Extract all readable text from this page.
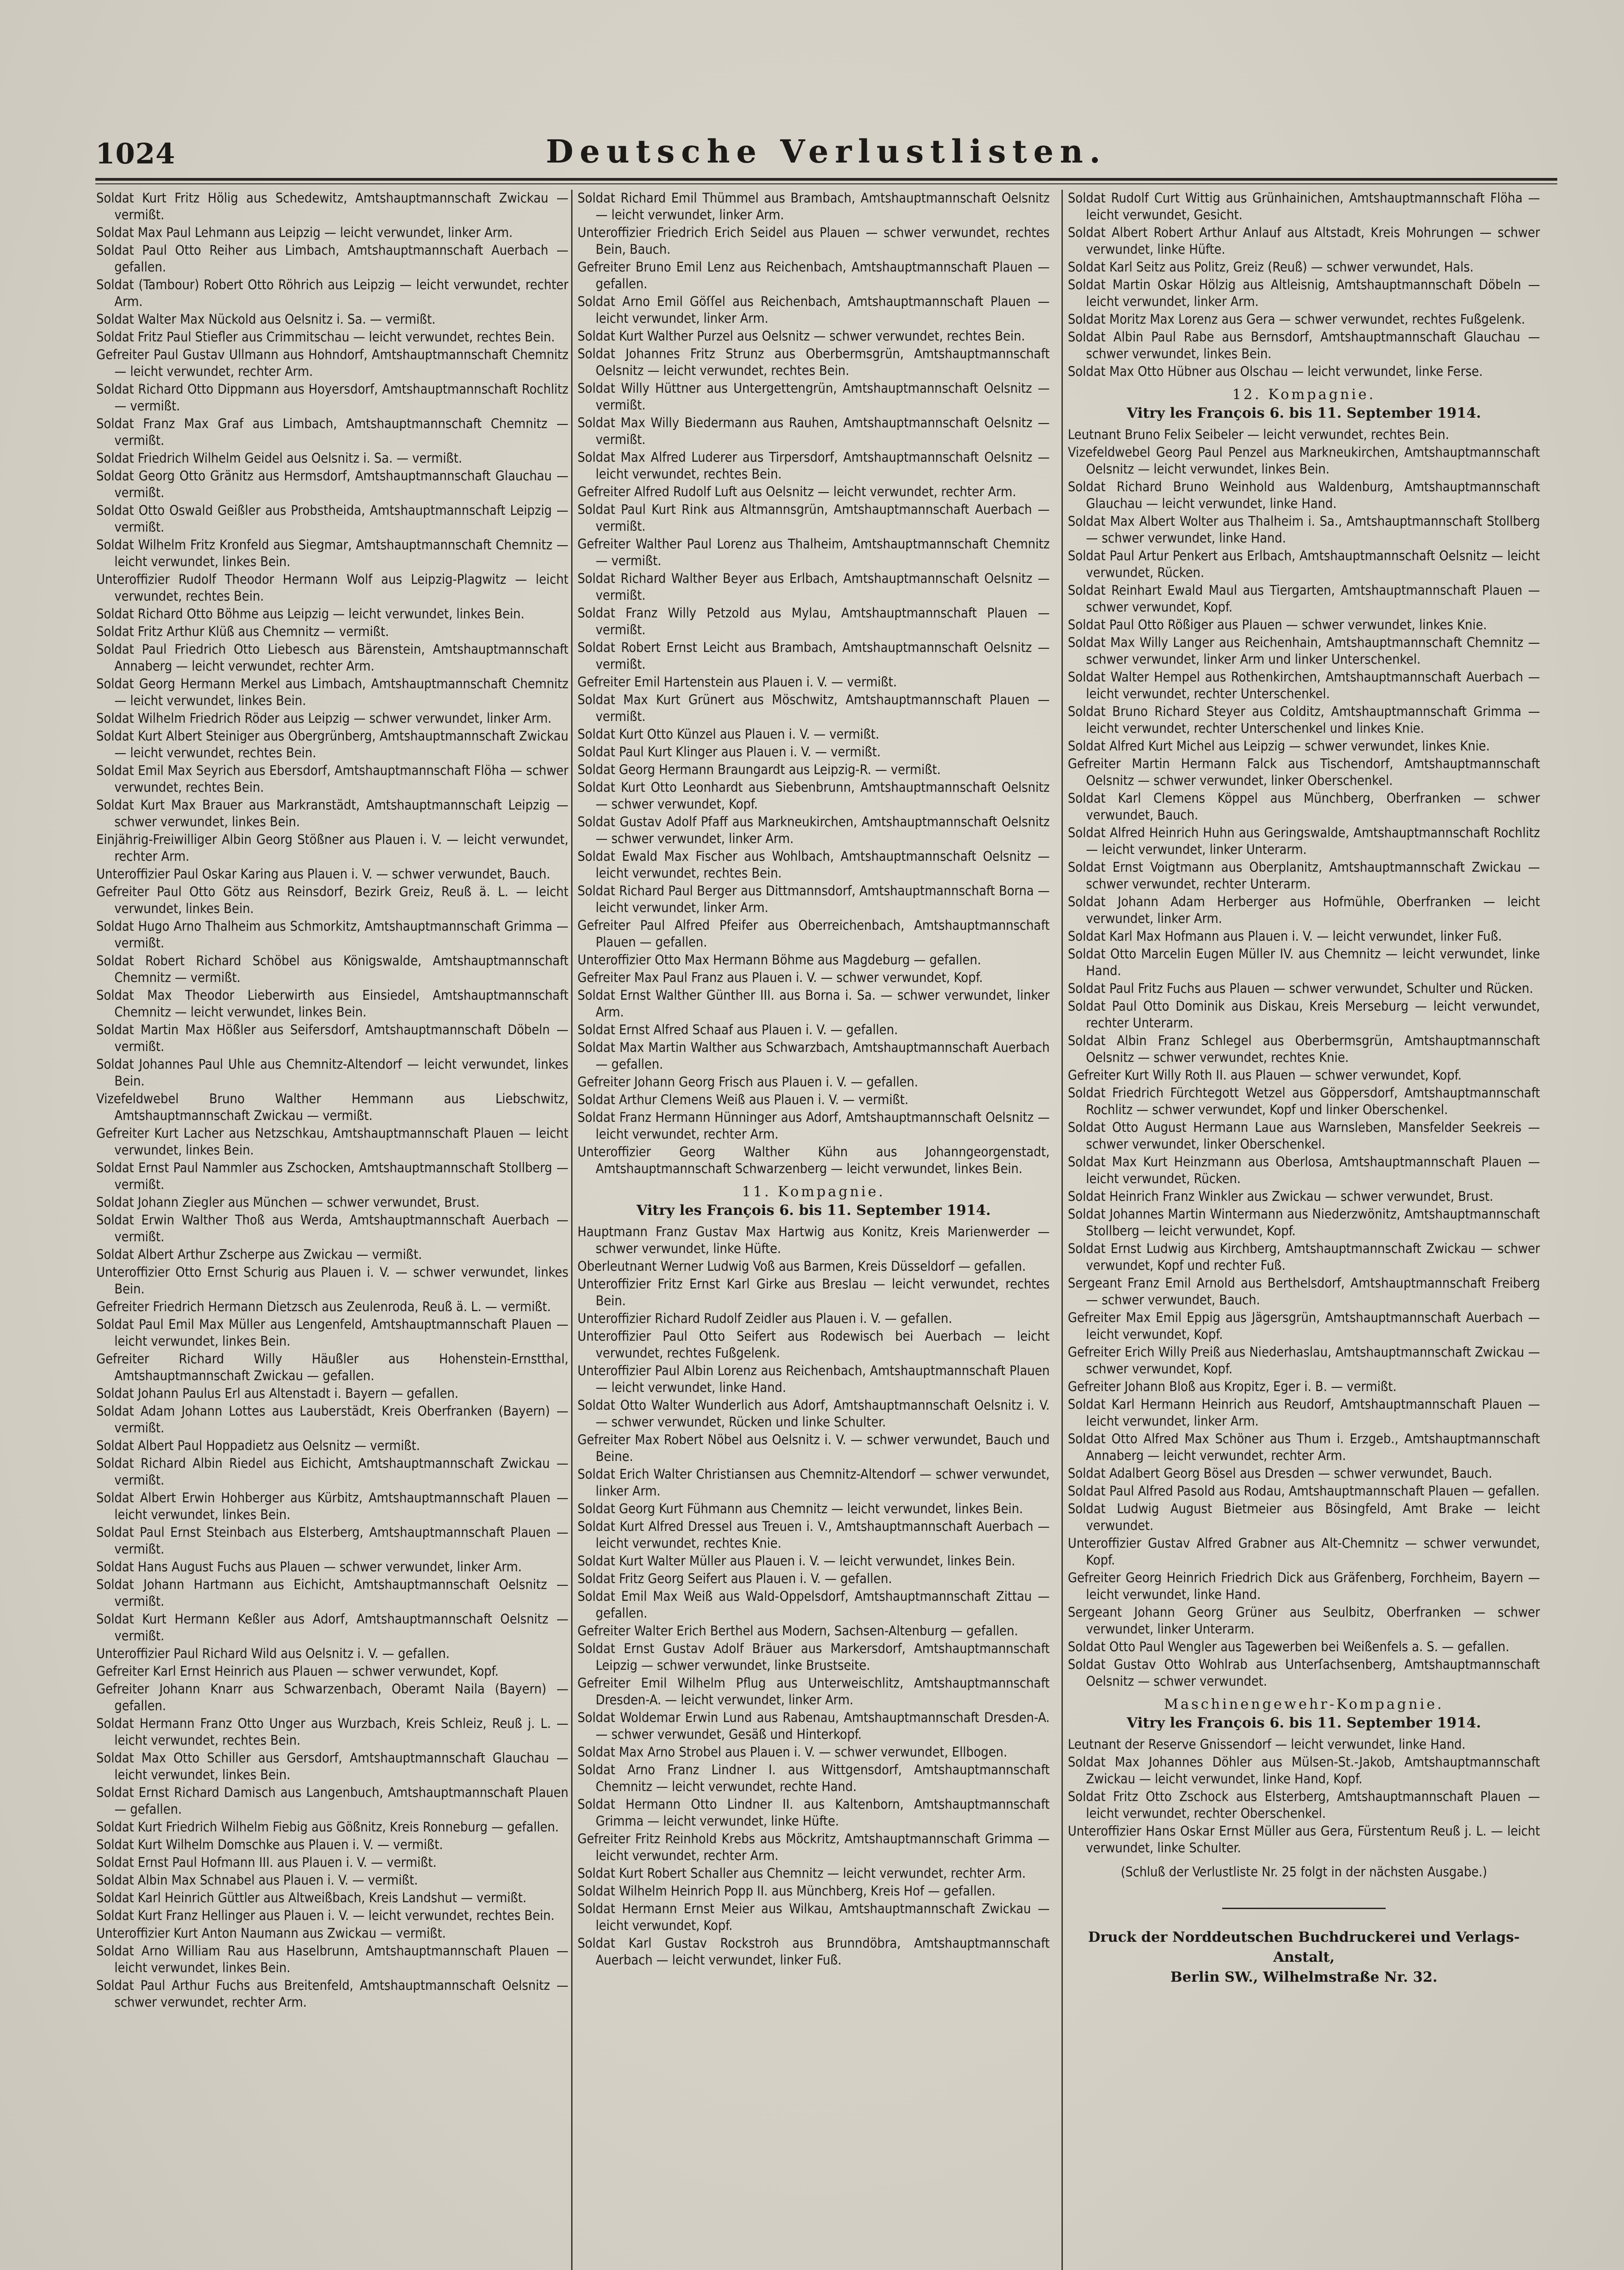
1024	Deutsche Verlustlisten.
Soldat Kurt Fritz Hölig aus Schedewitz, Amtshauptmannschaft Zwickau — vermißt.
Soldat Max Paul Lehmann aus Leipzig — leicht verwundet, linker Arm.
Soldat Paul Otto Reiher aus Limbach, Amtshauptmannschaft Auerbach — gefallen.
Soldat (Tambour) Robert Otto Röhrich aus Leipzig — leicht verwundet, rechter Arm.
Soldat Walter Max Nückold aus Oelsnitz i. Sa. — vermißt.
Soldat Fritz Paul Stiefler aus Crimmitschau — leicht verwundet, rechtes Bein.
Gefreiter Paul Gustav Ullmann aus Hohndorf, Amtshauptmannschaft Chemnitz — leicht verwundet, rechter Arm.
Soldat Richard Otto Dippmann aus Hoyersdorf, Amtshauptmannschaft Rochlitz — vermißt.
Soldat Franz Max Graf aus Limbach, Amtshauptmannschaft Chemnitz — vermißt.
Soldat Friedrich Wilhelm Geidel aus Oelsnitz i. Sa. — vermißt.
Soldat Georg Otto Gränitz aus Hermsdorf, Amtshauptmannschaft Glauchau — vermißt.
Soldat Otto Oswald Geißler aus Probstheida, Amtshauptmannschaft Leipzig — vermißt.
Soldat Wilhelm Fritz Kronfeld aus Siegmar, Amtshauptmannschaft Chemnitz — leicht verwundet, linkes Bein.
Unteroffizier Rudolf Theodor Hermann Wolf aus Leipzig-Plagwitz — leicht verwundet, rechtes Bein.
Soldat Richard Otto Böhme aus Leipzig — leicht verwundet, linkes Bein.
Soldat Fritz Arthur Klüß aus Chemnitz — vermißt.
Soldat Paul Friedrich Otto Liebesch aus Bärenstein, Amtshauptmannschaft Annaberg — leicht verwundet, rechter Arm.
Soldat Georg Hermann Merkel aus Limbach, Amtshauptmannschaft Chemnitz — leicht verwundet, linkes Bein.
Soldat Wilhelm Friedrich Röder aus Leipzig — schwer verwundet, linker Arm.
Soldat Kurt Albert Steiniger aus Obergrünberg, Amtshauptmannschaft Zwickau — leicht verwundet, rechtes Bein.
Soldat Emil Max Seyrich aus Ebersdorf, Amtshauptmannschaft Flöha — schwer verwundet, rechtes Bein.
Soldat Kurt Max Brauer aus Markranstädt, Amtshauptmannschaft Leipzig — schwer verwundet, linkes Bein.
Einjährig-Freiwilliger Albin Georg Stößner aus Plauen i. V. — leicht verwundet, rechter Arm.
Unteroffizier Paul Oskar Karing aus Plauen i. V. — schwer verwundet, Bauch.
Gefreiter Paul Otto Götz aus Reinsdorf, Bezirk Greiz, Reuß ä. L. — leicht verwundet, linkes Bein.
Soldat Hugo Arno Thalheim aus Schmorkitz, Amtshauptmannschaft Grimma — vermißt.
Soldat Robert Richard Schöbel aus Königswalde, Amtshauptmannschaft Chemnitz — vermißt.
Soldat Max Theodor Lieberwirth aus Einsiedel, Amtshauptmannschaft Chemnitz — leicht verwundet, linkes Bein.
Soldat Martin Max Hößler aus Seifersdorf, Amtshauptmannschaft Döbeln — vermißt.
Soldat Johannes Paul Uhle aus Chemnitz-Altendorf — leicht verwundet, linkes Bein.
Vizefeldwebel Bruno Walther Hemmann aus Liebschwitz, Amtshauptmannschaft Zwickau — vermißt.
Gefreiter Kurt Lacher aus Netzschkau, Amtshauptmannschaft Plauen — leicht verwundet, linkes Bein.
Soldat Ernst Paul Nammler aus Zschocken, Amtshauptmannschaft Stollberg — vermißt.
Soldat Johann Ziegler aus München — schwer verwundet, Brust.
Soldat Erwin Walther Thoß aus Werda, Amtshauptmannschaft Auerbach — vermißt.
Soldat Albert Arthur Zscherpe aus Zwickau — vermißt.
Unteroffizier Otto Ernst Schurig aus Plauen i. V. — schwer verwundet, linkes Bein.
Gefreiter Friedrich Hermann Dietzsch aus Zeulenroda, Reuß ä. L. — vermißt.
Soldat Paul Emil Max Müller aus Lengenfeld, Amtshauptmannschaft Plauen — leicht verwundet, linkes Bein.
Gefreiter Richard Willy Häußler aus Hohenstein-Ernstthal, Amtshauptmannschaft Zwickau — gefallen.
Soldat Johann Paulus Erl aus Altenstadt i. Bayern — gefallen.
Soldat Adam Johann Lottes aus Lauberstädt, Kreis Oberfranken (Bayern) — vermißt.
Soldat Albert Paul Hoppadietz aus Oelsnitz — vermißt.
Soldat Richard Albin Riedel aus Eichicht, Amtshauptmannschaft Zwickau — vermißt.
Soldat Albert Erwin Hohberger aus Kürbitz, Amtshauptmannschaft Plauen — leicht verwundet, linkes Bein.
Soldat Paul Ernst Steinbach aus Elsterberg, Amtshauptmannschaft Plauen — vermißt.
Soldat Hans August Fuchs aus Plauen — schwer verwundet, linker Arm.
Soldat Johann Hartmann aus Eichicht, Amtshauptmannschaft Oelsnitz — vermißt.
Soldat Kurt Hermann Keßler aus Adorf, Amtshauptmannschaft Oelsnitz — vermißt.
Unteroffizier Paul Richard Wild aus Oelsnitz i. V. — gefallen.
Gefreiter Karl Ernst Heinrich aus Plauen — schwer verwundet, Kopf.
Gefreiter Johann Knarr aus Schwarzenbach, Oberamt Naila (Bayern) — gefallen.
Soldat Hermann Franz Otto Unger aus Wurzbach, Kreis Schleiz, Reuß j. L. — leicht verwundet, rechtes Bein.
Soldat Max Otto Schiller aus Gersdorf, Amtshauptmannschaft Glauchau — leicht verwundet, linkes Bein.
Soldat Ernst Richard Damisch aus Langenbuch, Amtshauptmannschaft Plauen — gefallen.
Soldat Kurt Friedrich Wilhelm Fiebig aus Gößnitz, Kreis Ronneburg — gefallen.
Soldat Kurt Wilhelm Domschke aus Plauen i. V. — vermißt.
Soldat Ernst Paul Hofmann III. aus Plauen i. V. — vermißt.
Soldat Albin Max Schnabel aus Plauen i. V. — vermißt.
Soldat Karl Heinrich Güttler aus Altweißbach, Kreis Landshut — vermißt.
Soldat Kurt Franz Hellinger aus Plauen i. V. — leicht verwundet, rechtes Bein.
Unteroffizier Kurt Anton Naumann aus Zwickau — vermißt.
Soldat Arno William Rau aus Haselbrunn, Amtshauptmannschaft Plauen — leicht verwundet, linkes Bein.
Soldat Paul Arthur Fuchs aus Breitenfeld, Amtshauptmannschaft Oelsnitz — schwer verwundet, rechter Arm.
Soldat Richard Emil Thümmel aus Brambach, Amtshauptmannschaft Oelsnitz — leicht verwundet, linker Arm.
Unteroffizier Friedrich Erich Seidel aus Plauen — schwer verwundet, rechtes Bein, Bauch.
Gefreiter Bruno Emil Lenz aus Reichenbach, Amtshauptmannschaft Plauen — gefallen.
Soldat Arno Emil Göſſel aus Reichenbach, Amtshauptmannschaft Plauen — leicht verwundet, linker Arm.
Soldat Kurt Walther Purzel aus Oelsnitz — schwer verwundet, rechtes Bein.
Soldat Johannes Fritz Strunz aus Oberbermsgrün, Amtshauptmannschaft Oelsnitz — leicht verwundet, rechtes Bein.
Soldat Willy Hüttner aus Untergettengrün, Amtshauptmannschaft Oelsnitz — vermißt.
Soldat Max Willy Biedermann aus Rauhen, Amtshauptmannschaft Oelsnitz — vermißt.
Soldat Max Alfred Luderer aus Tirpersdorf, Amtshauptmannschaft Oelsnitz — leicht verwundet, rechtes Bein.
Gefreiter Alfred Rudolf Luft aus Oelsnitz — leicht verwundet, rechter Arm.
Soldat Paul Kurt Rink aus Altmannsgrün, Amtshauptmannschaft Auerbach — vermißt.
Gefreiter Walther Paul Lorenz aus Thalheim, Amtshauptmannschaft Chemnitz — vermißt.
Soldat Richard Walther Beyer aus Erlbach, Amtshauptmannschaft Oelsnitz — vermißt.
Soldat Franz Willy Petzold aus Mylau, Amtshauptmannschaft Plauen — vermißt.
Soldat Robert Ernst Leicht aus Brambach, Amtshauptmannschaft Oelsnitz — vermißt.
Gefreiter Emil Hartenstein aus Plauen i. V. — vermißt.
Soldat Max Kurt Grünert aus Möschwitz, Amtshauptmannschaft Plauen — vermißt.
Soldat Kurt Otto Künzel aus Plauen i. V. — vermißt.
Soldat Paul Kurt Klinger aus Plauen i. V. — vermißt.
Soldat Georg Hermann Braungardt aus Leipzig-R. — vermißt.
Soldat Kurt Otto Leonhardt aus Siebenbrunn, Amtshauptmannschaft Oelsnitz — schwer verwundet, Kopf.
Soldat Gustav Adolf Pfaff aus Markneukirchen, Amtshauptmannschaft Oelsnitz — schwer verwundet, linker Arm.
Soldat Ewald Max Fischer aus Wohlbach, Amtshauptmannschaft Oelsnitz — leicht verwundet, rechtes Bein.
Soldat Richard Paul Berger aus Dittmannsdorf, Amtshauptmannschaft Borna — leicht verwundet, linker Arm.
Gefreiter Paul Alfred Pfeifer aus Oberreichenbach, Amtshauptmannschaft Plauen — gefallen.
Unteroffizier Otto Max Hermann Böhme aus Magdeburg — gefallen.
Gefreiter Max Paul Franz aus Plauen i. V. — schwer verwundet, Kopf.
Soldat Ernst Walther Günther III. aus Borna i. Sa. — schwer verwundet, linker Arm.
Soldat Ernst Alfred Schaaf aus Plauen i. V. — gefallen.
Soldat Max Martin Walther aus Schwarzbach, Amtshauptmannschaft Auerbach — gefallen.
Gefreiter Johann Georg Frisch aus Plauen i. V. — gefallen.
Soldat Arthur Clemens Weiß aus Plauen i. V. — vermißt.
Soldat Franz Hermann Hünninger aus Adorf, Amtshauptmannschaft Oelsnitz — leicht verwundet, rechter Arm.
Unteroffizier Georg Walther Kühn aus Johanngeorgenstadt, Amtshauptmannschaft Schwarzenberg — leicht verwundet, linkes Bein.
11. Kompagnie.
Vitry les François 6. bis 11. September 1914.
Hauptmann Franz Gustav Max Hartwig aus Konitz, Kreis Marienwerder — schwer verwundet, linke Hüfte.
Oberleutnant Werner Ludwig Voß aus Barmen, Kreis Düsseldorf — gefallen.
Unteroffizier Fritz Ernst Karl Girke aus Breslau — leicht verwundet, rechtes Bein.
Unteroffizier Richard Rudolf Zeidler aus Plauen i. V. — gefallen.
Unteroffizier Paul Otto Seifert aus Rodewisch bei Auerbach — leicht verwundet, rechtes Fußgelenk.
Unteroffizier Paul Albin Lorenz aus Reichenbach, Amtshauptmannschaft Plauen — leicht verwundet, linke Hand.
Soldat Otto Walter Wunderlich aus Adorf, Amtshauptmannschaft Oelsnitz i. V. — schwer verwundet, Rücken und linke Schulter.
Gefreiter Max Robert Nöbel aus Oelsnitz i. V. — schwer verwundet, Bauch und Beine.
Soldat Erich Walter Christiansen aus Chemnitz-Altendorf — schwer verwundet, linker Arm.
Soldat Georg Kurt Fühmann aus Chemnitz — leicht verwundet, linkes Bein.
Soldat Kurt Alfred Dressel aus Treuen i. V., Amtshauptmannschaft Auerbach — leicht verwundet, rechtes Knie.
Soldat Kurt Walter Müller aus Plauen i. V. — leicht verwundet, linkes Bein.
Soldat Fritz Georg Seifert aus Plauen i. V. — gefallen.
Soldat Emil Max Weiß aus Wald-Oppelsdorf, Amtshauptmannschaft Zittau — gefallen.
Gefreiter Walter Erich Berthel aus Modern, Sachsen-Altenburg — gefallen.
Soldat Ernst Gustav Adolf Bräuer aus Markersdorf, Amtshauptmannschaft Leipzig — schwer verwundet, linke Brustseite.
Gefreiter Emil Wilhelm Pflug aus Unterweischlitz, Amtshauptmannschaft Dresden-A. — leicht verwundet, linker Arm.
Soldat Woldemar Erwin Lund aus Rabenau, Amtshauptmannschaft Dresden-A. — schwer verwundet, Gesäß und Hinterkopf.
Soldat Max Arno Strobel aus Plauen i. V. — schwer verwundet, Ellbogen.
Soldat Arno Franz Lindner I. aus Wittgensdorf, Amtshauptmannschaft Chemnitz — leicht verwundet, rechte Hand.
Soldat Hermann Otto Lindner II. aus Kaltenborn, Amtshauptmannschaft Grimma — leicht verwundet, linke Hüfte.
Gefreiter Fritz Reinhold Krebs aus Möckritz, Amtshauptmannschaft Grimma — leicht verwundet, rechter Arm.
Soldat Kurt Robert Schaller aus Chemnitz — leicht verwundet, rechter Arm.
Soldat Wilhelm Heinrich Popp II. aus Münchberg, Kreis Hof — gefallen.
Soldat Hermann Ernst Meier aus Wilkau, Amtshauptmannschaft Zwickau — leicht verwundet, Kopf.
Soldat Karl Gustav Rockstroh aus Brunndöbra, Amtshauptmannschaft Auerbach — leicht verwundet, linker Fuß.
Soldat Rudolf Curt Wittig aus Grünhainichen, Amtshauptmannschaft Flöha — leicht verwundet, Gesicht.
Soldat Albert Robert Arthur Anlauf aus Altstadt, Kreis Mohrungen — schwer verwundet, linke Hüfte.
Soldat Karl Seitz aus Politz, Greiz (Reuß) — schwer verwundet, Hals.
Soldat Martin Oskar Hölzig aus Altleisnig, Amtshauptmannschaft Döbeln — leicht verwundet, linker Arm.
Soldat Moritz Max Lorenz aus Gera — schwer verwundet, rechtes Fußgelenk.
Soldat Albin Paul Rabe aus Bernsdorf, Amtshauptmannschaft Glauchau — schwer verwundet, linkes Bein.
Soldat Max Otto Hübner aus Olschau — leicht verwundet, linke Ferse.
12. Kompagnie.
Vitry les François 6. bis 11. September 1914.
Leutnant Bruno Felix Seibeler — leicht verwundet, rechtes Bein.
Vizefeldwebel Georg Paul Penzel aus Markneukirchen, Amtshauptmannschaft Oelsnitz — leicht verwundet, linkes Bein.
Soldat Richard Bruno Weinhold aus Waldenburg, Amtshauptmannschaft Glauchau — leicht verwundet, linke Hand.
Soldat Max Albert Wolter aus Thalheim i. Sa., Amtshauptmannschaft Stollberg — schwer verwundet, linke Hand.
Soldat Paul Artur Penkert aus Erlbach, Amtshauptmannschaft Oelsnitz — leicht verwundet, Rücken.
Soldat Reinhart Ewald Maul aus Tiergarten, Amtshauptmannschaft Plauen — schwer verwundet, Kopf.
Soldat Paul Otto Rößiger aus Plauen — schwer verwundet, linkes Knie.
Soldat Max Willy Langer aus Reichenhain, Amtshauptmannschaft Chemnitz — schwer verwundet, linker Arm und linker Unterschenkel.
Soldat Walter Hempel aus Rothenkirchen, Amtshauptmannschaft Auerbach — leicht verwundet, rechter Unterschenkel.
Soldat Bruno Richard Steyer aus Colditz, Amtshauptmannschaft Grimma — leicht verwundet, rechter Unterschenkel und linkes Knie.
Soldat Alfred Kurt Michel aus Leipzig — schwer verwundet, linkes Knie.
Gefreiter Martin Hermann Falck aus Tischendorf, Amtshauptmannschaft Oelsnitz — schwer verwundet, linker Oberschenkel.
Soldat Karl Clemens Köppel aus Münchberg, Oberfranken — schwer verwundet, Bauch.
Soldat Alfred Heinrich Huhn aus Geringswalde, Amtshauptmannschaft Rochlitz — leicht verwundet, linker Unterarm.
Soldat Ernst Voigtmann aus Oberplanitz, Amtshauptmannschaft Zwickau — schwer verwundet, rechter Unterarm.
Soldat Johann Adam Herberger aus Hofmühle, Oberfranken — leicht verwundet, linker Arm.
Soldat Karl Max Hofmann aus Plauen i. V. — leicht verwundet, linker Fuß.
Soldat Otto Marcelin Eugen Müller IV. aus Chemnitz — leicht verwundet, linke Hand.
Soldat Paul Fritz Fuchs aus Plauen — schwer verwundet, Schulter und Rücken.
Soldat Paul Otto Dominik aus Diskau, Kreis Merseburg — leicht verwundet, rechter Unterarm.
Soldat Albin Franz Schlegel aus Oberbermsgrün, Amtshauptmannschaft Oelsnitz — schwer verwundet, rechtes Knie.
Gefreiter Kurt Willy Roth II. aus Plauen — schwer verwundet, Kopf.
Soldat Friedrich Fürchtegott Wetzel aus Göppersdorf, Amtshauptmannschaft Rochlitz — schwer verwundet, Kopf und linker Oberschenkel.
Soldat Otto August Hermann Laue aus Warnsleben, Mansfelder Seekreis — schwer verwundet, linker Oberschenkel.
Soldat Max Kurt Heinzmann aus Oberlosa, Amtshauptmannschaft Plauen — leicht verwundet, Rücken.
Soldat Heinrich Franz Winkler aus Zwickau — schwer verwundet, Brust.
Soldat Johannes Martin Wintermann aus Niederzwönitz, Amtshauptmannschaft Stollberg — leicht verwundet, Kopf.
Soldat Ernst Ludwig aus Kirchberg, Amtshauptmannschaft Zwickau — schwer verwundet, Kopf und rechter Fuß.
Sergeant Franz Emil Arnold aus Berthelsdorf, Amtshauptmannschaft Freiberg — schwer verwundet, Bauch.
Gefreiter Max Emil Eppig aus Jägersgrün, Amtshauptmannschaft Auerbach — leicht verwundet, Kopf.
Gefreiter Erich Willy Preiß aus Niederhaslau, Amtshauptmannschaft Zwickau — schwer verwundet, Kopf.
Gefreiter Johann Bloß aus Kropitz, Eger i. B. — vermißt.
Soldat Karl Hermann Heinrich aus Reudorf, Amtshauptmannschaft Plauen — leicht verwundet, linker Arm.
Soldat Otto Alfred Max Schöner aus Thum i. Erzgeb., Amtshauptmannschaft Annaberg — leicht verwundet, rechter Arm.
Soldat Adalbert Georg Bösel aus Dresden — schwer verwundet, Bauch.
Soldat Paul Alfred Pasold aus Rodau, Amtshauptmannschaft Plauen — gefallen.
Soldat Ludwig August Bietmeier aus Bösingfeld, Amt Brake — leicht verwundet.
Unteroffizier Gustav Alfred Grabner aus Alt-Chemnitz — schwer verwundet, Kopf.
Gefreiter Georg Heinrich Friedrich Dick aus Gräfenberg, Forchheim, Bayern — leicht verwundet, linke Hand.
Sergeant Johann Georg Grüner aus Seulbitz, Oberfranken — schwer verwundet, linker Unterarm.
Soldat Otto Paul Wengler aus Tagewerben bei Weißenfels a. S. — gefallen.
Soldat Gustav Otto Wohlrab aus Unterſachsenberg, Amtshauptmannschaft Oelsnitz — schwer verwundet.
Maschinengewehr-Kompagnie.
Vitry les François 6. bis 11. September 1914.
Leutnant der Reserve Gnissendorf — leicht verwundet, linke Hand.
Soldat Max Johannes Döhler aus Mülsen-St.-Jakob, Amtshauptmannschaft Zwickau — leicht verwundet, linke Hand, Kopf.
Soldat Fritz Otto Zschock aus Elsterberg, Amtshauptmannschaft Plauen — leicht verwundet, rechter Oberschenkel.
Unteroffizier Hans Oskar Ernst Müller aus Gera, Fürstentum Reuß j. L. — leicht verwundet, linke Schulter.
(Schluß der Verlustliste Nr. 25 folgt in der nächsten Ausgabe.)
Druck der Norddeutschen Buchdruckerei und Verlags-Anstalt,
Berlin SW., Wilhelmstraße Nr. 32.
